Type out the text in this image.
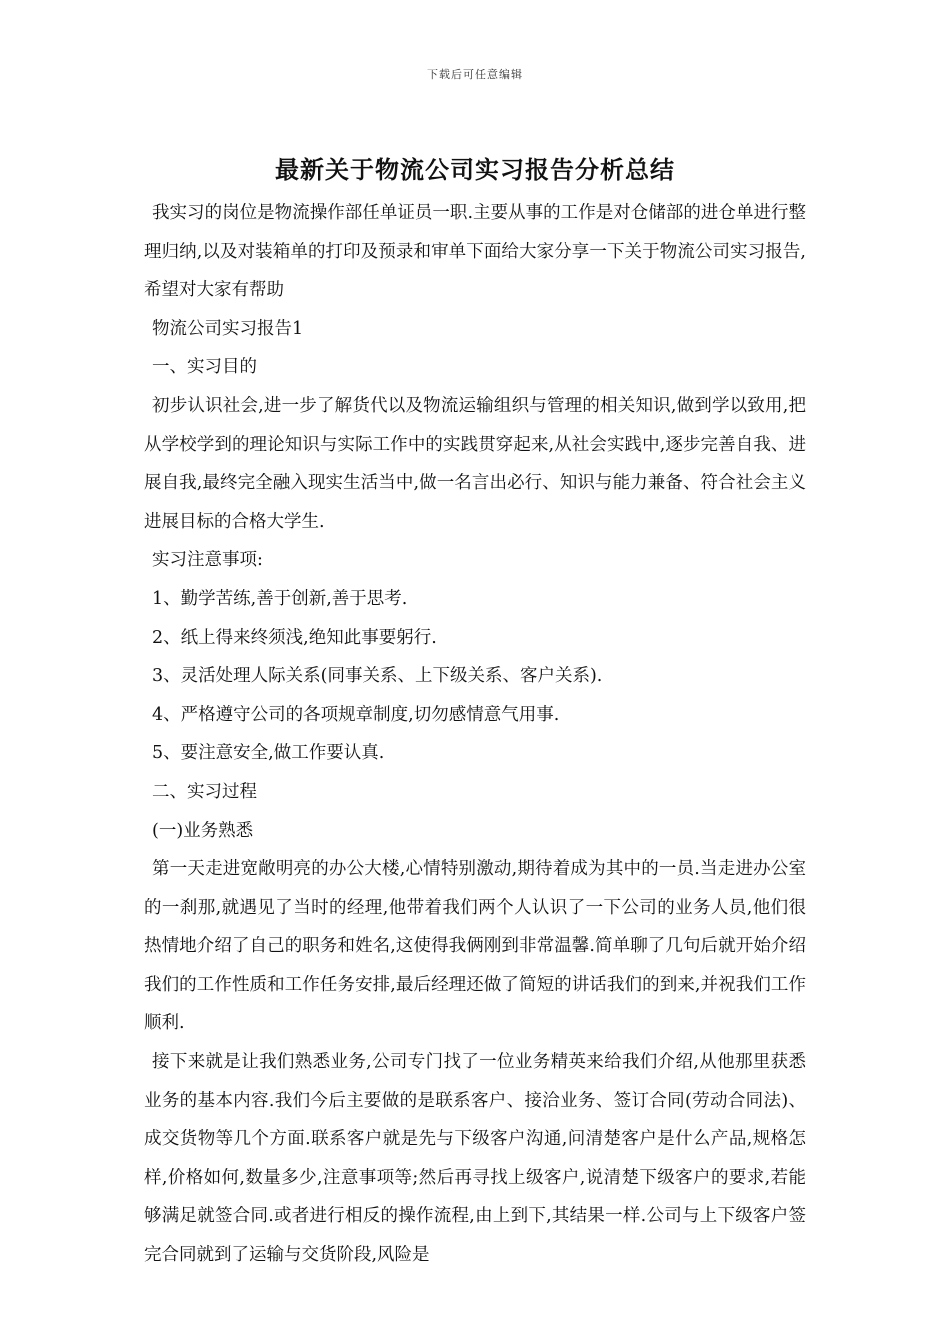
下载后可任意编辑
最新关于物流公司实习报告分析总结

我实习的岗位是物流操作部任单证员一职.主要从事的工作是对仓储部的进仓单进行整理归纳,以及对装箱单的打印及预录和审单下面给大家分享一下关于物流公司实习报告,希望对大家有帮助

物流公司实习报告1

一、实习目的

初步认识社会,进一步了解货代以及物流运输组织与管理的相关知识,做到学以致用,把从学校学到的理论知识与实际工作中的实践贯穿起来,从社会实践中,逐步完善自我、进展自我,最终完全融入现实生活当中,做一名言出必行、知识与能力兼备、符合社会主义进展目标的合格大学生.

实习注意事项:

1、勤学苦练,善于创新,善于思考.

2、纸上得来终须浅,绝知此事要躬行.

3、灵活处理人际关系(同事关系、上下级关系、客户关系).

4、严格遵守公司的各项规章制度,切勿感情意气用事.

5、要注意安全,做工作要认真.

二、实习过程

(一)业务熟悉

第一天走进宽敞明亮的办公大楼,心情特别激动,期待着成为其中的一员.当走进办公室的一刹那,就遇见了当时的经理,他带着我们两个人认识了一下公司的业务人员,他们很热情地介绍了自己的职务和姓名,这使得我俩刚到非常温馨.简单聊了几句后就开始介绍我们的工作性质和工作任务安排,最后经理还做了简短的讲话我们的到来,并祝我们工作顺利.

接下来就是让我们熟悉业务,公司专门找了一位业务精英来给我们介绍,从他那里获悉业务的基本内容.我们今后主要做的是联系客户、接洽业务、签订合同(劳动合同法)、成交货物等几个方面.联系客户就是先与下级客户沟通,问清楚客户是什么产品,规格怎样,价格如何,数量多少,注意事项等;然后再寻找上级客户,说清楚下级客户的要求,若能够满足就签合同.或者进行相反的操作流程,由上到下,其结果一样.公司与上下级客户签完合同就到了运输与交货阶段,风险是
